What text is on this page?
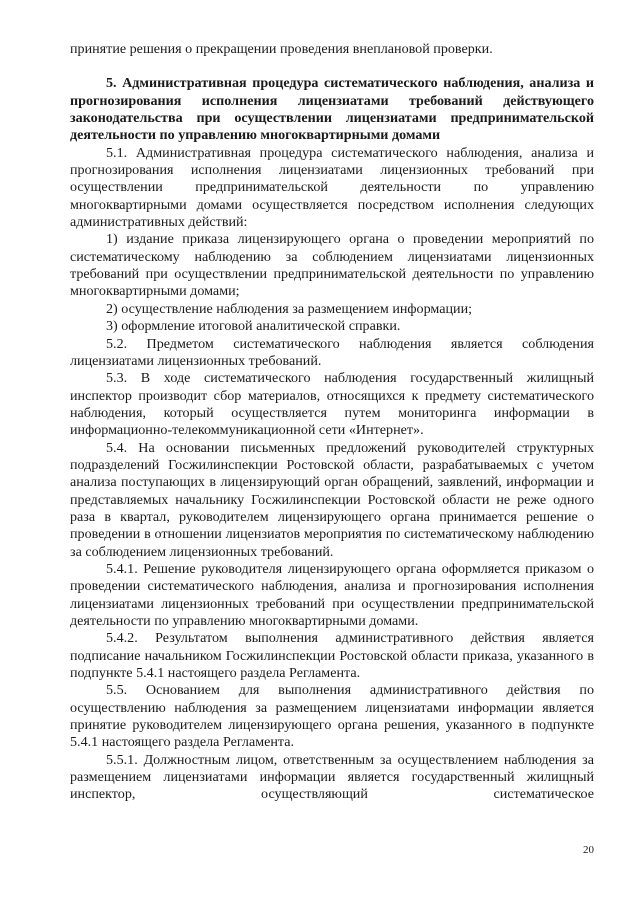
принятие решения о прекращении проведения внеплановой проверки.

5. Административная процедура систематического наблюдения, анализа и прогнозирования исполнения лицензиатами требований действующего законодательства при осуществлении лицензиатами предпринимательской деятельности по управлению многоквартирными домами

5.1. Административная процедура систематического наблюдения, анализа и прогнозирования исполнения лицензиатами лицензионных требований при осуществлении предпринимательской деятельности по управлению многоквартирными домами осуществляется посредством исполнения следующих административных действий:

1) издание приказа лицензирующего органа о проведении мероприятий по систематическому наблюдению за соблюдением лицензиатами лицензионных требований при осуществлении предпринимательской деятельности по управлению многоквартирными домами;

2) осуществление наблюдения за размещением информации;

3) оформление итоговой аналитической справки.

5.2. Предметом систематического наблюдения является соблюдения лицензиатами лицензионных требований.

5.3. В ходе систематического наблюдения государственный жилищный инспектор производит сбор материалов, относящихся к предмету систематического наблюдения, который осуществляется путем мониторинга информации в информационно-телекоммуникационной сети «Интернет».

5.4. На основании письменных предложений руководителей структурных подразделений Госжилинспекции Ростовской области, разрабатываемых с учетом анализа поступающих в лицензирующий орган обращений, заявлений, информации и представляемых начальнику Госжилинспекции Ростовской области не реже одного раза в квартал, руководителем лицензирующего органа принимается решение о проведении в отношении лицензиатов мероприятия по систематическому наблюдению за соблюдением лицензионных требований.

5.4.1. Решение руководителя лицензирующего органа оформляется приказом о проведении систематического наблюдения, анализа и прогнозирования исполнения лицензиатами лицензионных требований при осуществлении предпринимательской деятельности по управлению многоквартирными домами.

5.4.2. Результатом выполнения административного действия является подписание начальником Госжилинспекции Ростовской области приказа, указанного в подпункте 5.4.1 настоящего раздела Регламента.

5.5. Основанием для выполнения административного действия по осуществлению наблюдения за размещением лицензиатами информации является принятие руководителем лицензирующего органа решения, указанного в подпункте 5.4.1 настоящего раздела Регламента.

5.5.1. Должностным лицом, ответственным за осуществлением наблюдения за размещением лицензиатами информации является государственный жилищный инспектор, осуществляющий систематическое

20
